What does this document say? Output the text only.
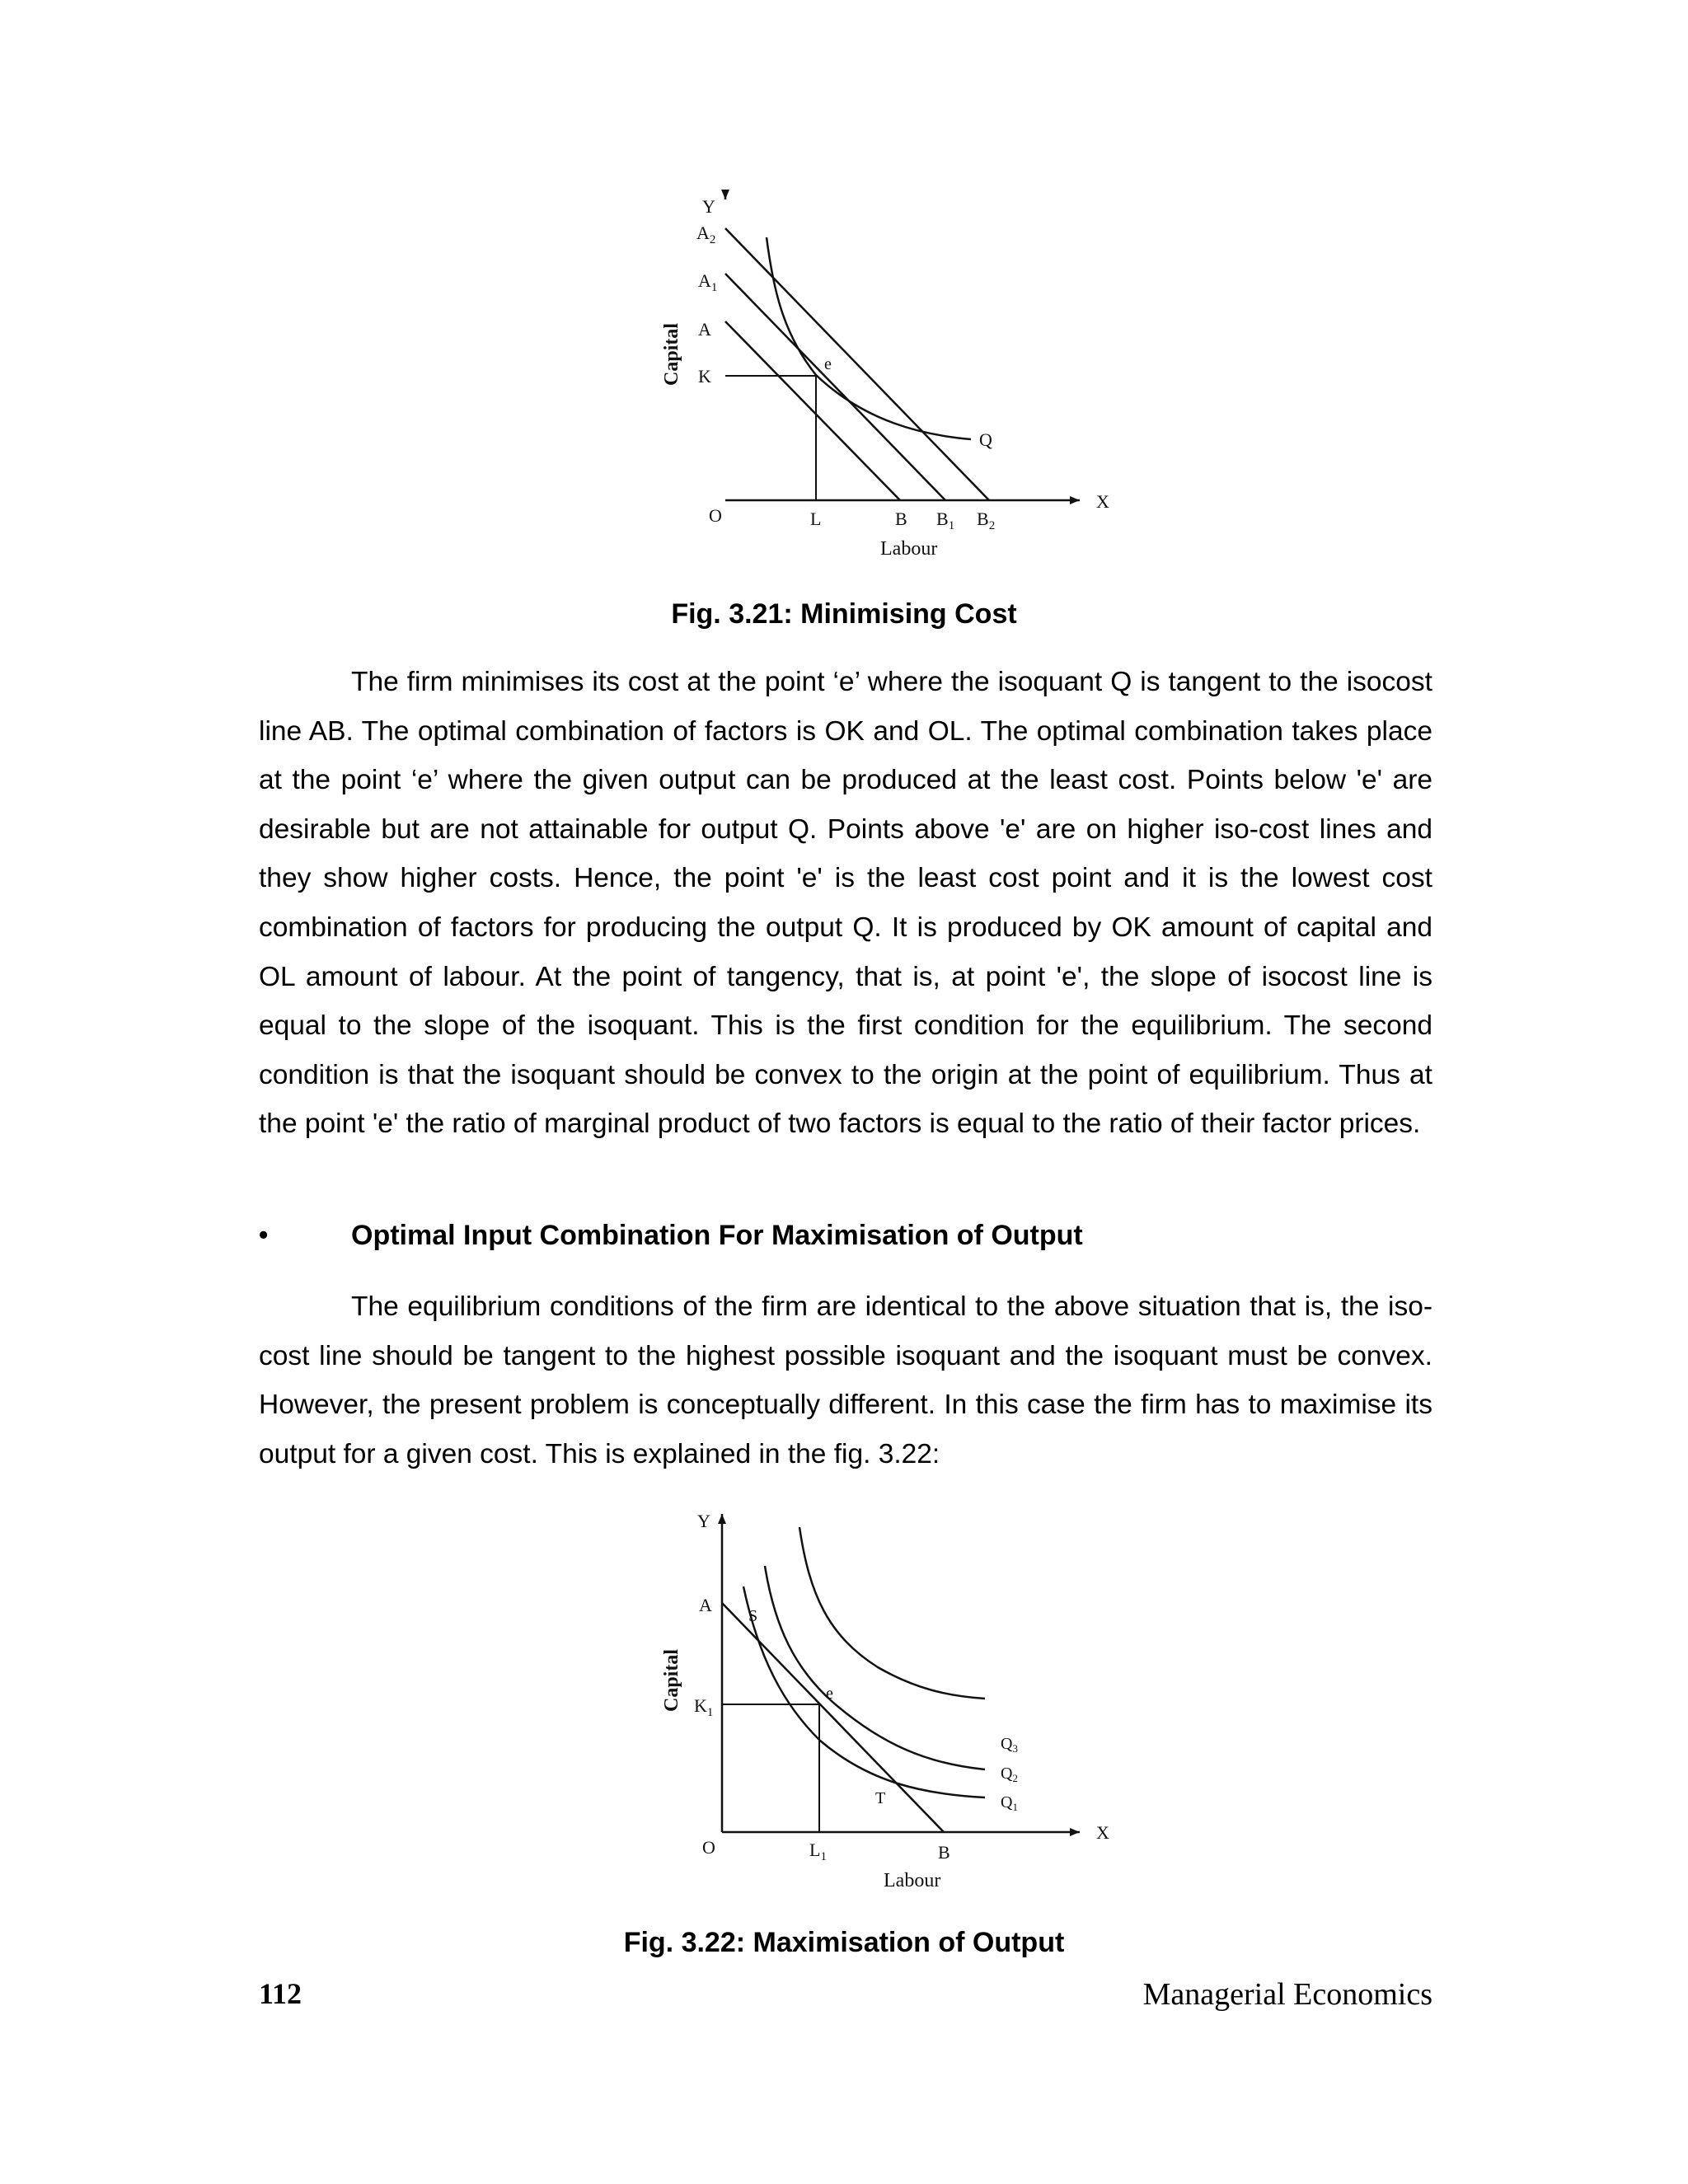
Y
X
O
$A_2$
$A_1$
A
K
L	B $B_1$ $B_2$
e
Q
Labour
Capital
Fig. 3.21: Minimising Cost

The firm minimises its cost at the point ‘e’ where the isoquant Q is tangent to the isocost line AB. The optimal combination of factors is OK and OL. The optimal combination takes place at the point ‘e’ where the given output can be produced at the least cost. Points below 'e' are desirable but are not attainable for output Q. Points above 'e' are on higher iso-cost lines and they show higher costs. Hence, the point 'e' is the least cost point and it is the lowest cost combination of factors for producing the output Q. It is produced by OK amount of capital and OL amount of labour. At the point of tangency, that is, at point 'e', the slope of isocost line is equal to the slope of the isoquant. This is the first condition for the equilibrium. The second condition is that the isoquant should be convex to the origin at the point of equilibrium. Thus at the point 'e' the ratio of marginal product of two factors is equal to the ratio of their factor prices.

•	Optimal Input Combination For Maximisation of Output

The equilibrium conditions of the firm are identical to the above situation that is, the iso-cost line should be tangent to the highest possible isoquant and the isoquant must be convex. However, the present problem is conceptually different. In this case the firm has to maximise its output for a given cost. This is explained in the fig. 3.22:

Y
X
O
A
S
$K_1$
e
T
$L_1$	B
$Q_3$
$Q_2$
$Q_1$
Labour
Capital
Fig. 3.22: Maximisation of Output
112	Managerial Economics
